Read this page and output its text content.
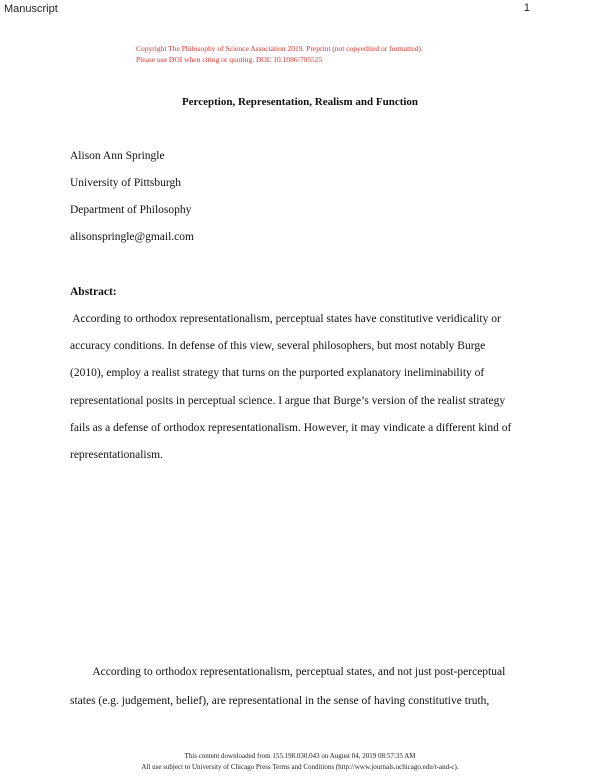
Manuscript	1
Copyright The Philosophy of Science Association 2019. Preprint (not copyedited or formatted).
Please use DOI when citing or quoting. DOI: 10.1086/705525
Perception, Representation, Realism and Function
Alison Ann Springle
University of Pittsburgh
Department of Philosophy
alisonspringle@gmail.com
Abstract:
According to orthodox representationalism, perceptual states have constitutive veridicality or
accuracy conditions. In defense of this view, several philosophers, but most notably Burge
(2010), employ a realist strategy that turns on the purported explanatory ineliminability of
representational posits in perceptual science. I argue that Burge’s version of the realist strategy
fails as a defense of orthodox representationalism. However, it may vindicate a different kind of
representationalism.
According to orthodox representationalism, perceptual states, and not just post-perceptual
states (e.g. judgement, belief), are representational in the sense of having constitutive truth,
This content downloaded from 155.198.030.043 on August 04, 2019 08:57:35 AM
All use subject to University of Chicago Press Terms and Conditions (http://www.journals.uchicago.edu/t-and-c).
